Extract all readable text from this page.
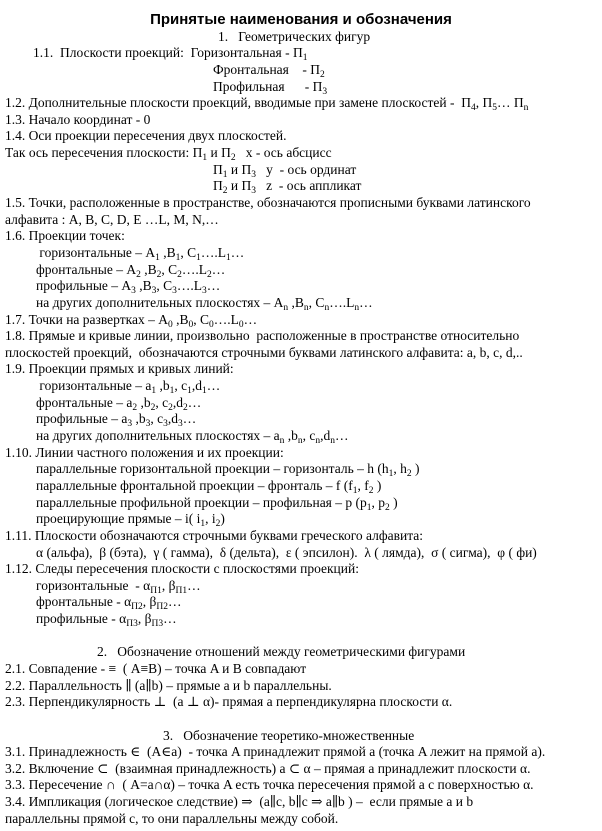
Принятые наименования и обозначения
1.   Геометрических фигур
1.1.  Плоскости проекций:  Горизонтальная - $П_1$
Фронтальная    - $П_2$
Профильная      - $П_3$
1.2. Дополнительные плоскости проекций, вводимые при замене плоскостей -  $П_4$, $П_5\dots$ $П_n$
1.3. Начало координат - 0
1.4. Оси проекции пересечения двух плоскостей.
Так ось пересечения плоскости: $П_1$ и $П_2$   x - ось абсцисс
$П_1$ и $П_3$   y  - ось ординат
$П_2$ и $П_3$   z  - ось аппликат
1.5. Точки, расположенные в пространстве, обозначаются прописными буквами латинского
алфавита : A, B, C, D, E …L, M, N,…
1.6. Проекции точек:
горизонтальные – $A_1$ $,B_1$, $C_1\dots.L_1\dots$
фронтальные – $A_2$ $,B_2$, $C_2\dots.L_2\dots$
профильные – $A_3$ $,B_3$, $C_3\dots.L_3\dots$
на других дополнительных плоскостях – $A_n$ $,B_n$, $C_n\dots.L_n\dots$
1.7. Точки на развертках – $A_0$ $,B_0$, $C_0\dots.L_0\dots$
1.8. Прямые и кривые линии, произвольно  расположенные в пространстве относительно
плоскостей проекций,  обозначаются строчными буквами латинского алфавита: a, b, c, d,..
1.9. Проекции прямых и кривых линий:
горизонтальные – $a_1$ $,b_1$, $c_1,d_1\dots$
фронтальные – $a_2$ $,b_2$, $c_2,d_2\dots$
профильные – $a_3$ $,b_3$, $c_3,d_3\dots$
на других дополнительных плоскостях – $a_n$ $,b_n$, $c_n,d_n\dots$
1.10. Линии частного положения и их проекции:
параллельные горизонтальной проекции – горизонталь – h ($h_1$, $h_2$ )
параллельные фронтальной проекции – фронталь – f ($f_1$, $f_2$ )
параллельные профильной проекции – профильная – p ($p_1$, $p_2$ )
проецирующие прямые – i( $i_1$, $i_2$)
1.11. Плоскости обозначаются строчными буквами греческого алфавита:
α (альфа),  β (бэта),  γ ( гамма),  δ (дельта),  ε ( эпсилон).  λ ( лямда),  σ ( сигма),  φ ( фи)
1.12. Следы пересечения плоскости с плоскостями проекций:
горизонтальные  - $\alpha_{П1}$, $\beta_{П1}\dots$
фронтальные - $\alpha_{П2}$, $\beta_{П2}\dots$
профильные - $\alpha_{П3}$, $\beta_{П3}\dots$
2.   Обозначение отношений между геометрическими фигурами
2.1. Совпадение - ≡  ( A≡B) – точка A и B совпадают
2.2. Параллельность ∥ (a∥b) – прямые a и b параллельны.
2.3. Перпендикулярность ⊥  (a ⊥ α)- прямая a перпендикулярна плоскости α.
3.   Обозначение теоретико-множественные
3.1. Принадлежность ∈  (A∈a)  - точка A принадлежит прямой a (точка A лежит на прямой a).
3.2. Включение ⊂  (взаимная принадлежность) a ⊂ α – прямая a принадлежит плоскости α.
3.3. Пересечение ∩  ( A=a∩α) – точка A есть точка пересечения прямой a с поверхностью α.
3.4. Импликация (логическое следствие) ⇒  (a∥c, b∥c ⇒ a∥b ) –  если прямые a и b
параллельны прямой c, то они параллельны между собой.
